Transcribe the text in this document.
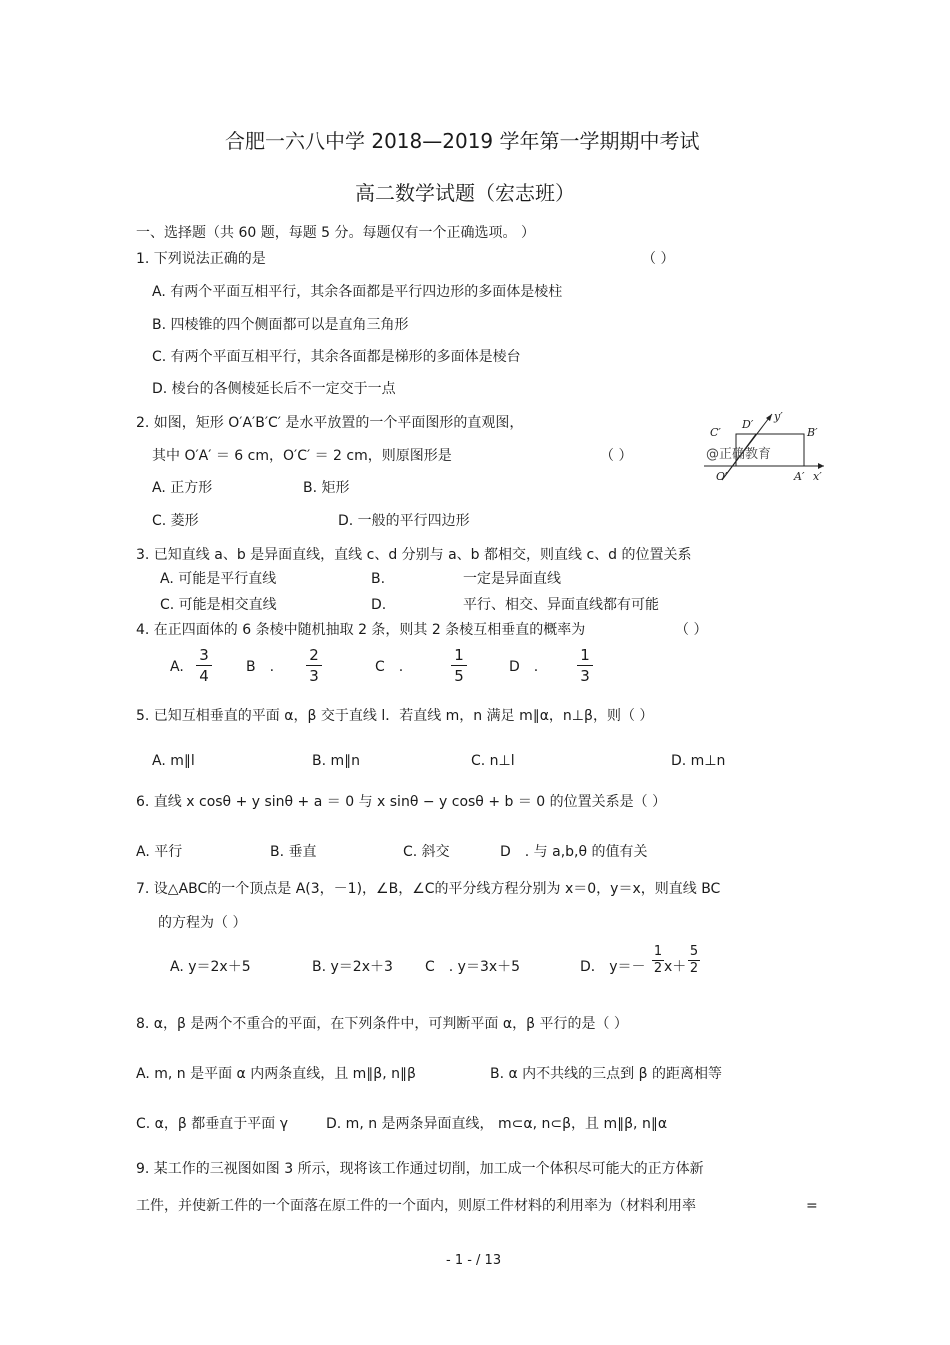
合肥一六八中学 2018—2019 学年第一学期期中考试
高二数学试题（宏志班）
一、选择题（共 60 题，每题 5 分。每题仅有一个正确选项。 ）
1. 下列说法正确的是	（ ）
A. 有两个平面互相平行，其余各面都是平行四边形的多面体是棱柱
B. 四棱锥的四个侧面都可以是直角三角形
C. 有两个平面互相平行，其余各面都是梯形的多面体是棱台
D. 棱台的各侧棱延长后不一定交于一点
2. 如图，矩形 O′A′B′C′ 是水平放置的一个平面图形的直观图，
其中 O′A′ ＝ 6 cm，O′C′ ＝ 2 cm，则原图形是	（ ）
A. 正方形	B. 矩形
C. 菱形	D. 一般的平行四边形
C′
D′
y′
B′
O′	A′ x′
@正确教育
3. 已知直线 a、b 是异面直线，直线 c、d 分别与 a、b 都相交，则直线 c、d 的位置关系
A. 可能是平行直线	B.	一定是异面直线
C. 可能是相交直线	D.	平行、相交、异面直线都有可能
4. 在正四面体的 6 条棱中随机抽取 2 条，则其 2 条棱互相垂直的概率为	（ ）
A.
3
4	B　.
2
3	C　.
1
5	D　.
1
3
5. 已知互相垂直的平面 α，β 交于直线 l．若直线 m，n 满足 m∥α，n⊥β，则（ ）
A. m∥l	B. m∥n	C. n⊥l	D. m⊥n
6. 直线 x cosθ + y sinθ + a ＝ 0 与 x sinθ − y cosθ + b ＝ 0 的位置关系是（ ）
A. 平行	B. 垂直	C. 斜交	D　. 与 a,b,θ 的值有关
7. 设△ABC的一个顶点是 A(3，－1)，∠B，∠C的平分线方程分别为 x＝0，y＝x，则直线 BC
的方程为（ ）
A. y＝2x＋5	B. y＝2x＋3 C　. y＝3x＋5	D． y＝－
1
2 x＋
5
2
8. α，β 是两个不重合的平面，在下列条件中，可判断平面 α，β 平行的是（ ）
A. m, n 是平面 α 内两条直线，且 m∥β, n∥β	B. α 内不共线的三点到 β 的距离相等
C. α，β 都垂直于平面 γ	D. m, n 是两条异面直线， m⊂α, n⊂β，且 m∥β, n∥α
9. 某工作的三视图如图 3 所示，现将该工作通过切削，加工成一个体积尽可能大的正方体新
工件，并使新工件的一个面落在原工件的一个面内，则原工件材料的利用率为（材料利用率	=
- 1 - / 13
